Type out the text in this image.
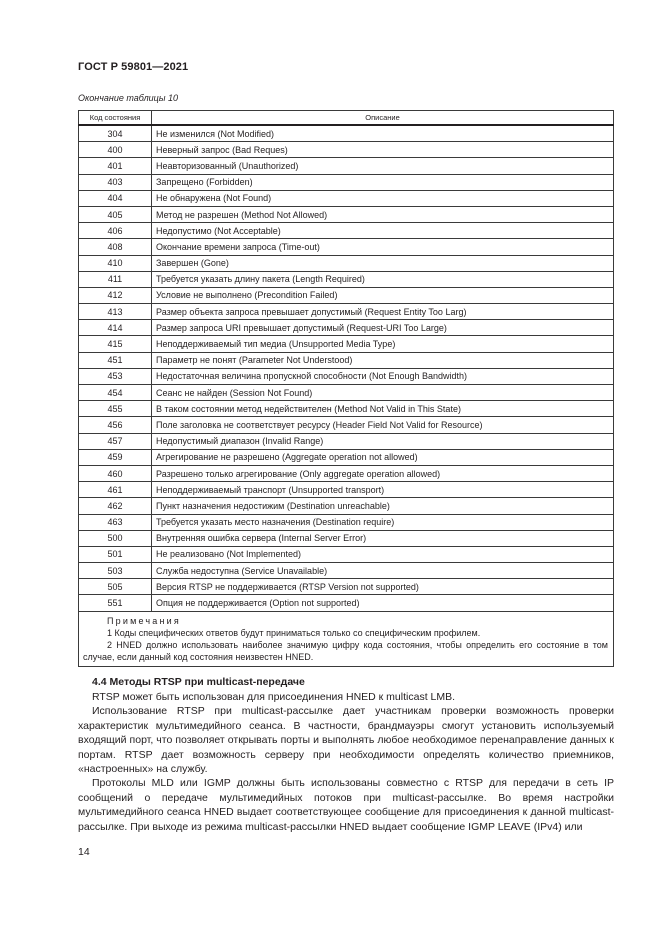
ГОСТ Р 59801—2021
Окончание таблицы 10
Код состояния	Описание
304	Не изменился (Not Modified)
400	Неверный запрос (Bad Reques)
401	Неавторизованный (Unauthorized)
403	Запрещено (Forbidden)
404	Не обнаружена (Not Found)
405	Метод не разрешен (Method Not Allowed)
406	Недопустимо (Not Acceptable)
408	Окончание времени запроса (Time-out)
410	Завершен (Gone)
411	Требуется указать длину пакета (Length Required)
412	Условие не выполнено (Precondition Failed)
413	Размер объекта запроса превышает допустимый (Request Entity Too Larg)
414	Размер запроса URI превышает допустимый (Request-URI Too Large)
415	Неподдерживаемый тип медиа (Unsupported Media Type)
451	Параметр не понят (Parameter Not Understood)
453	Недостаточная величина пропускной способности (Not Enough Bandwidth)
454	Сеанс не найден (Session Not Found)
455	В таком состоянии метод недействителен (Method Not Valid in This State)
456	Поле заголовка не соответствует ресурсу (Header Field Not Valid for Resource)
457	Недопустимый диапазон (Invalid Range)
459	Агрегирование не разрешено (Aggregate operation not allowed)
460	Разрешено только агрегирование (Only aggregate operation allowed)
461	Неподдерживаемый транспорт (Unsupported transport)
462	Пункт назначения недостижим (Destination unreachable)
463	Требуется указать место назначения (Destination require)
500	Внутренняя ошибка сервера (Internal Server Error)
501	Не реализовано (Not Implemented)
503	Служба недоступна (Service Unavailable)
505	Версия RTSP не поддерживается (RTSP Version not supported)
551	Опция не поддерживается (Option not supported)

Примечания

1 Коды специфических ответов будут приниматься только со специфическим профилем.

2 HNED должно использовать наиболее значимую цифру кода состояния, чтобы определить его состояние в том случае, если данный код состояния неизвестен HNED.	

4.4 Методы RTSP при multicast-передаче

RTSP может быть использован для присоединения HNED к multicast LMB.

Использование RTSP при multicast-рассылке дает участникам проверки возможность проверки характеристик мультимедийного сеанса. В частности, брандмауэры смогут установить используемый входящий порт, что позволяет открывать порты и выполнять любое необходимое перенаправление данных к портам. RTSP дает возможность серверу при необходимости определять количество приемников, «настроенных» на службу.

Протоколы MLD или IGMP должны быть использованы совместно с RTSP для передачи в сеть IP сообщений о передаче мультимедийных потоков при multicast-рассылке. Во время настройки мультимедийного сеанса HNED выдает соответствующее сообщение для присоединения к данной multicast-рассылке. При выходе из режима multicast-рассылки HNED выдает сообщение IGMP LEAVE (IPv4) или

14
